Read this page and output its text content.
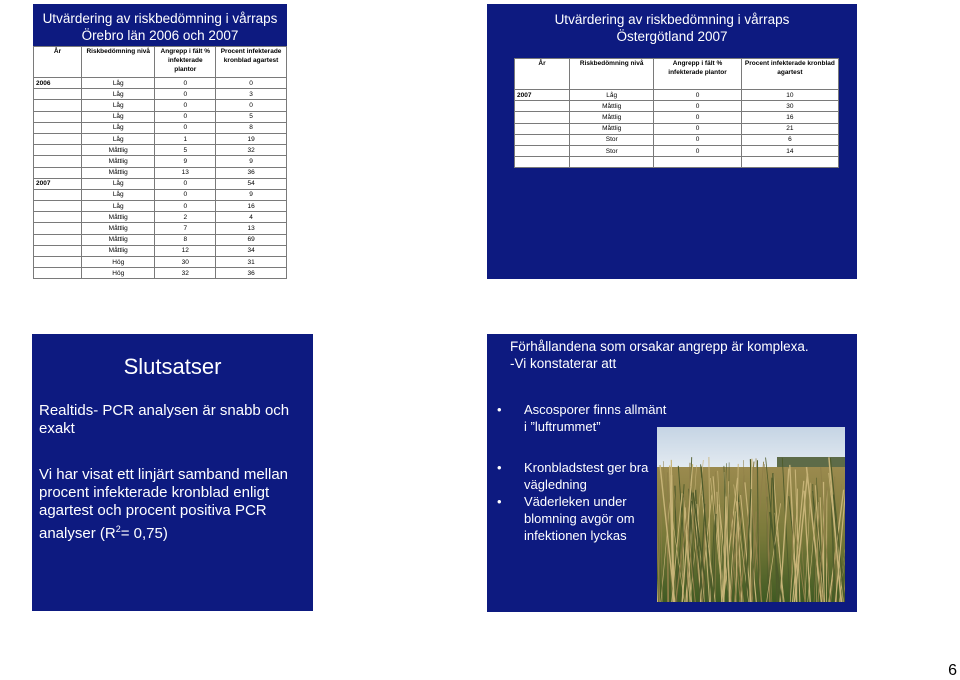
Utvärdering av riskbedömning i vårraps
Örebro län 2006 och 2007
År	Riskbedömning nivå	Angrepp i fält % infekterade plantor	Procent infekterade kronblad agartest
2006	Låg	0	0
	Låg	0	3
	Låg	0	0
	Låg	0	5
	Låg	0	8
	Låg	1	19
	Måttlig	5	32
	Måttlig	9	9
	Måttlig	13	36
2007	Låg	0	54
	Låg	0	9
	Låg	0	16
	Måttlig	2	4
	Måttlig	7	13
	Måttlig	8	69
	Måttlig	12	34
	Hög	30	31
	Hög	32	36
Utvärdering av riskbedömning i vårraps
Östergötland 2007
År	Riskbedömning nivå	Angrepp i fält % infekterade plantor	Procent infekterade kronblad agartest
2007	Låg	0	10
	Måttlig	0	30
	Måttlig	0	16
	Måttlig	0	21
	Stor	0	6
	Stor	0	14

Slutsatser
Realtids- PCR analysen är snabb och exakt
Vi har visat ett linjärt samband mellan procent infekterade kronblad enligt agartest och procent positiva PCR analyser $(R^2= 0,75)$
Förhållandena som orsakar angrepp är komplexa.
-Vi konstaterar att
• Ascosporer finns allmänt i ”luftrummet”
• Kronbladstest ger bra vägledning
• Väderleken under blomning avgör om infektionen lyckas
6
